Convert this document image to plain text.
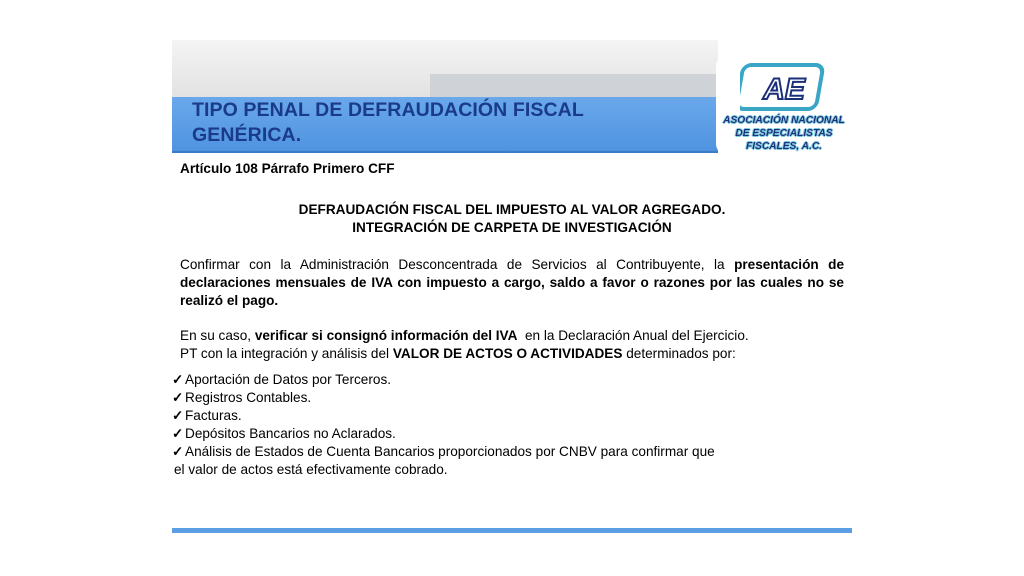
TIPO PENAL DE DEFRAUDACIÓN FISCAL
GENÉRICA.
AE
ASOCIACIÓN NACIONAL
DE ESPECIALISTAS
FISCALES, A.C.
Artículo 108 Párrafo Primero CFF
DEFRAUDACIÓN FISCAL DEL IMPUESTO AL VALOR AGREGADO.
INTEGRACIÓN DE CARPETA DE INVESTIGACIÓN
Confirmar con la Administración Desconcentrada de Servicios al Contribuyente, la presentación de declaraciones mensuales de IVA con impuesto a cargo, saldo a favor o razones por las cuales no se realizó el pago.
En su caso, verificar si consignó información del IVA  en la Declaración Anual del Ejercicio.
PT con la integración y análisis del VALOR DE ACTOS O ACTIVIDADES determinados por:
✓ Aportación de Datos por Terceros.
✓ Registros Contables.
✓ Facturas.
✓ Depósitos Bancarios no Aclarados.
✓ Análisis de Estados de Cuenta Bancarios proporcionados por CNBV para confirmar que
el valor de actos está efectivamente cobrado.
